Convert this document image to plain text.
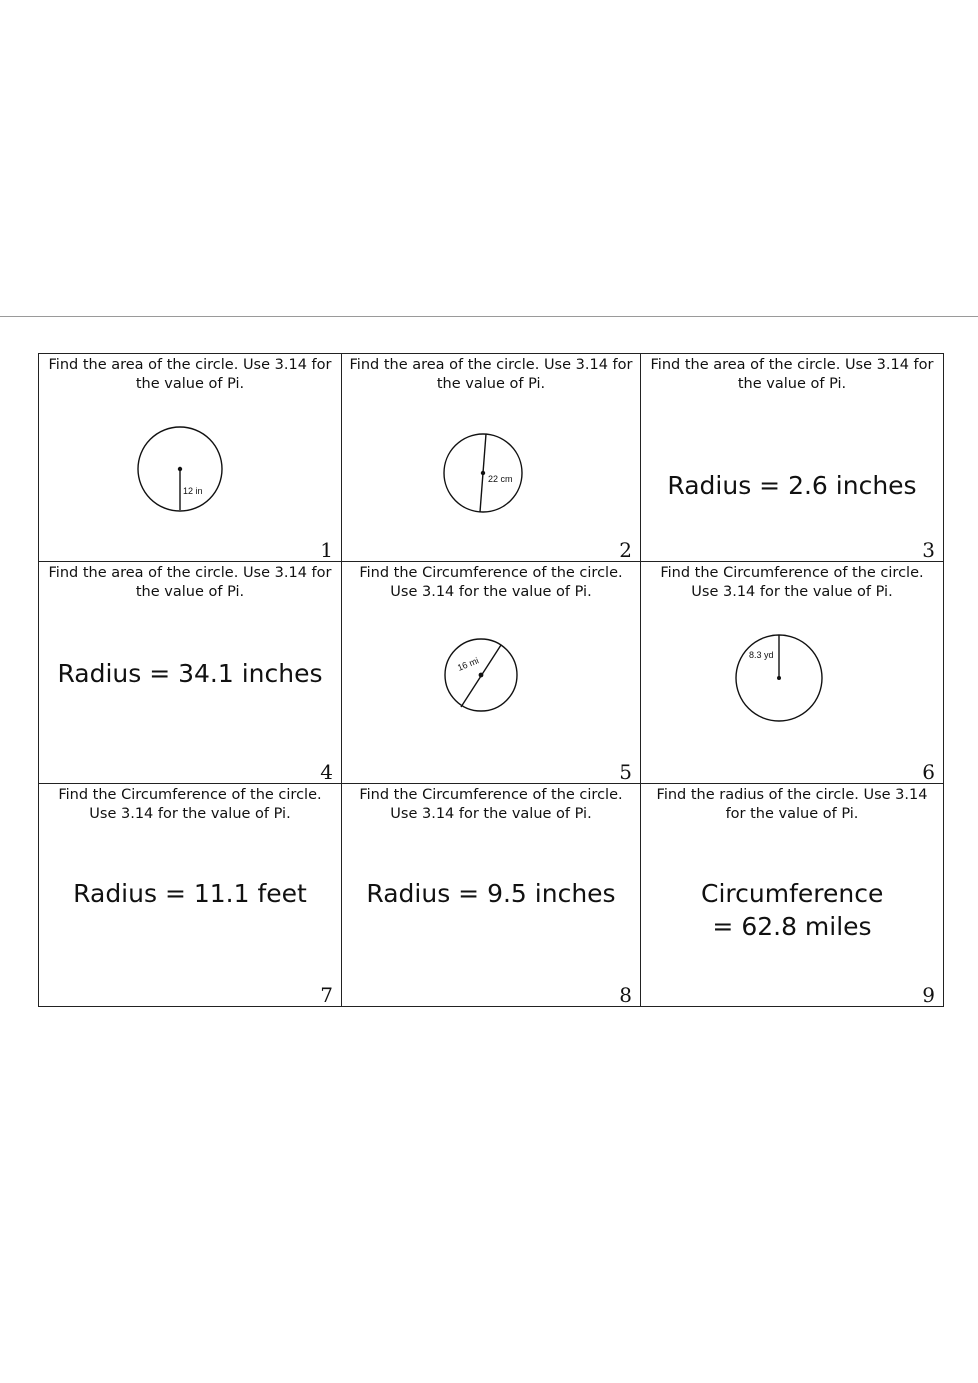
Find the area of the circle. Use 3.14 for the value of Pi.
12 in
1
22 cm
Find the area of the circle. Use 3.14 for the value of Pi.
2
Find the area of the circle. Use 3.14 for the value of Pi.
Radius = 2.6 inches
3
Find the area of the circle. Use 3.14 for the value of Pi.
Radius = 34.1 inches
4
16 mi
Find the Circumference of the circle. Use 3.14 for the value of Pi.
5
8.3 yd
Find the Circumference of the circle. Use 3.14 for the value of Pi.
6
Find the Circumference of the circle. Use 3.14 for the value of Pi.
Radius = 11.1 feet
7
Find the Circumference of the circle. Use 3.14 for the value of Pi.
Radius = 9.5 inches
8
Find the radius of the circle. Use 3.14 for the value of Pi.
Circumference = 62.8 miles
9
